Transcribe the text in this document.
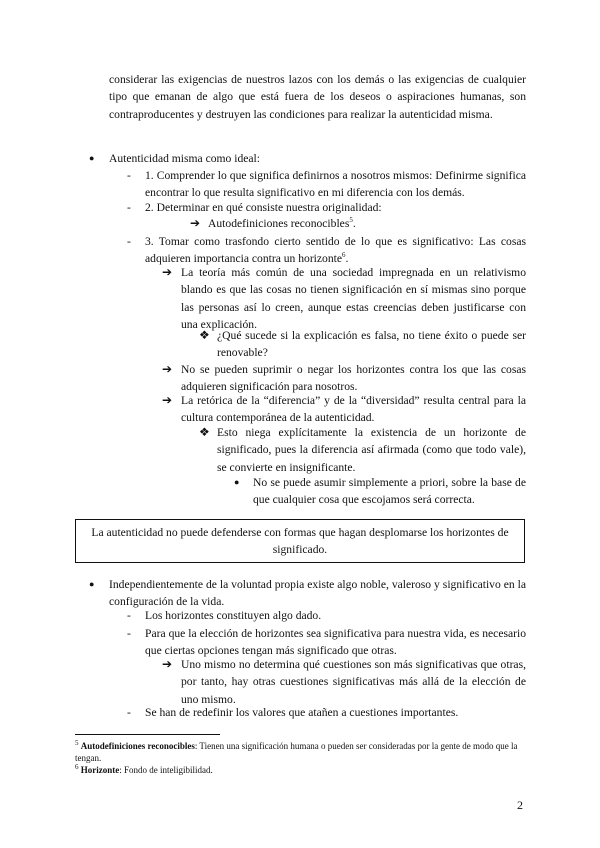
considerar las exigencias de nuestros lazos con los demás o las exigencias de cualquier tipo que emanan de algo que está fuera de los deseos o aspiraciones humanas, son contraproducentes y destruyen las condiciones para realizar la autenticidad misma.
● Autenticidad misma como ideal:
- 1. Comprender lo que significa definirnos a nosotros mismos: Definirme significa encontrar lo que resulta significativo en mi diferencia con los demás.
- 2. Determinar en qué consiste nuestra originalidad:
➔ Autodefiniciones reconocibles$^5$.
- 3. Tomar como trasfondo cierto sentido de lo que es significativo: Las cosas adquieren importancia contra un horizonte$^6$.
➔ La teoría más común de una sociedad impregnada en un relativismo blando es que las cosas no tienen significación en sí mismas sino porque las personas así lo creen, aunque estas creencias deben justificarse con una explicación.
❖ ¿Qué sucede si la explicación es falsa, no tiene éxito o puede ser renovable?
➔ No se pueden suprimir o negar los horizontes contra los que las cosas adquieren significación para nosotros.
➔ La retórica de la “diferencia” y de la “diversidad” resulta central para la cultura contemporánea de la autenticidad.
❖ Esto niega explícitamente la existencia de un horizonte de significado, pues la diferencia así afirmada (como que todo vale), se convierte en insignificante.
● No se puede asumir simplemente a priori, sobre la base de que cualquier cosa que escojamos será correcta.
La autenticidad no puede defenderse con formas que hagan desplomarse los horizontes de significado.
● Independientemente de la voluntad propia existe algo noble, valeroso y significativo en la configuración de la vida.
- Los horizontes constituyen algo dado.
- Para que la elección de horizontes sea significativa para nuestra vida, es necesario que ciertas opciones tengan más significado que otras.
➔ Uno mismo no determina qué cuestiones son más significativas que otras, por tanto, hay otras cuestiones significativas más allá de la elección de uno mismo.
- Se han de redefinir los valores que atañen a cuestiones importantes.
$^5$ Autodefiniciones reconocibles: Tienen una significación humana o pueden ser consideradas por la gente de modo que la tengan.
$^6$ Horizonte: Fondo de inteligibilidad.
2
